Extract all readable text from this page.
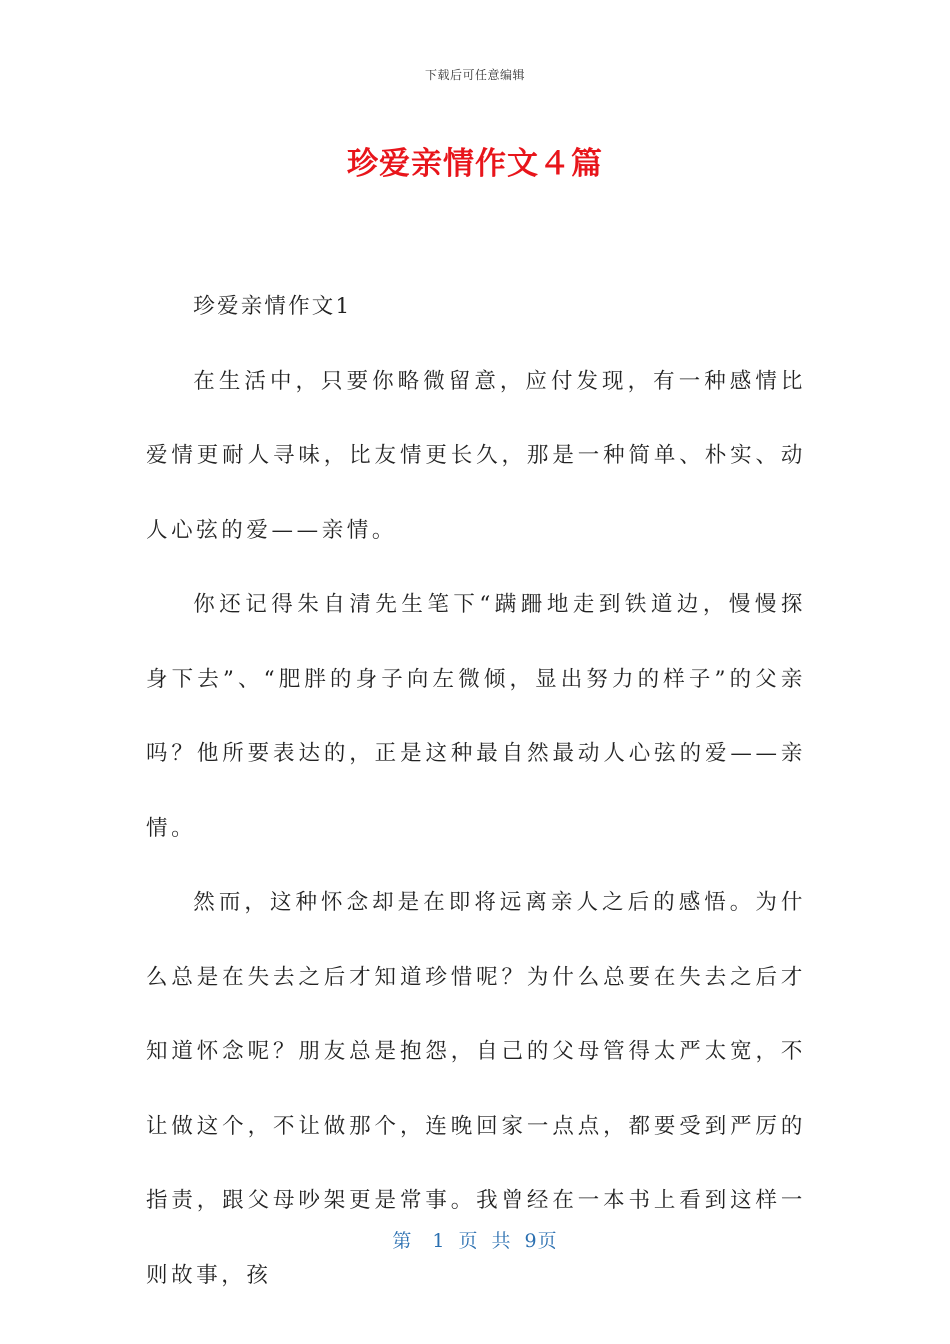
下载后可任意编辑
珍爱亲情作文４篇

珍爱亲情作文1

在生活中，只要你略微留意，应付发现，有一种感情比爱情更耐人寻味，比友情更长久，那是一种简单、朴实、动人心弦的爱——亲情。

你还记得朱自清先生笔下“蹒跚地走到铁道边，慢慢探身下去”、“肥胖的身子向左微倾，显出努力的样子”的父亲吗？他所要表达的，正是这种最自然最动人心弦的爱——亲情。

然而，这种怀念却是在即将远离亲人之后的感悟。为什么总是在失去之后才知道珍惜呢？为什么总要在失去之后才知道怀念呢？朋友总是抱怨，自己的父母管得太严太宽，不让做这个，不让做那个，连晚回家一点点，都要受到严厉的指责，跟父母吵架更是常事。我曾经在一本书上看到这样一则故事，孩

第　1 页 共 9页
